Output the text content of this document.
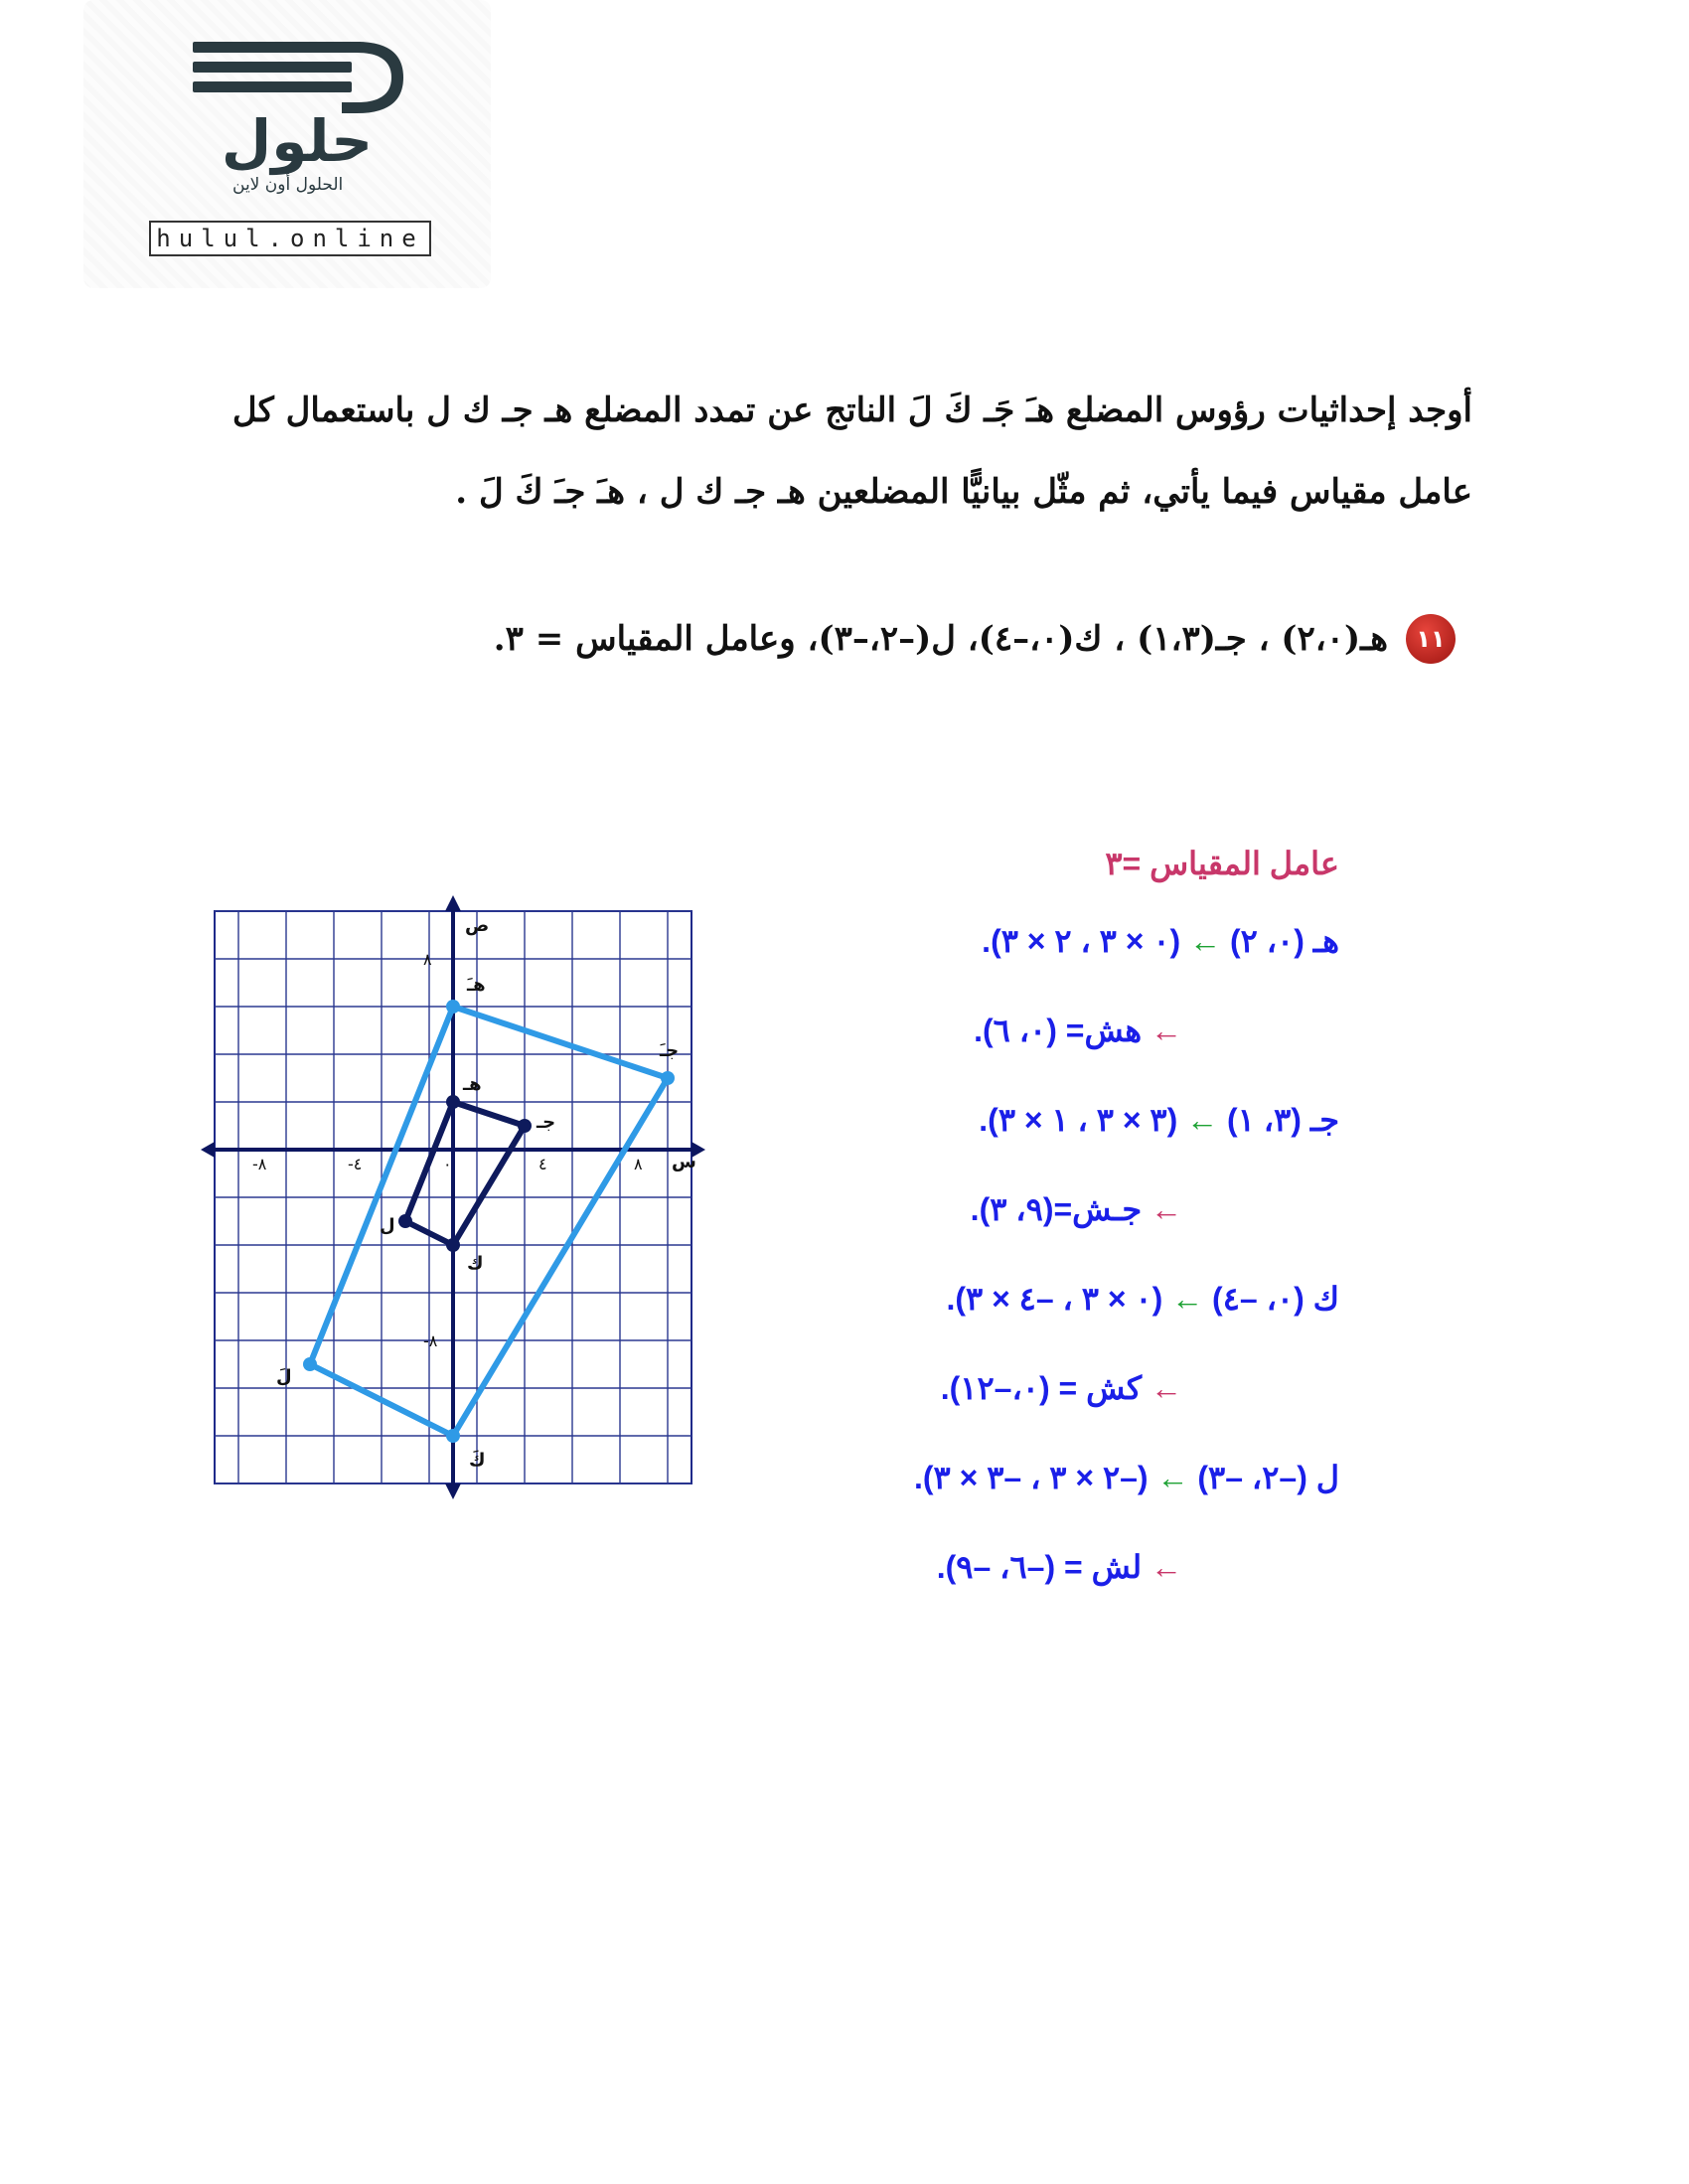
حلول
الحلول أون لاين
hulul.online
أوجد إحداثيات رؤوس المضلع هـَ جَـ كَ لَ الناتج عن تمدد المضلع هـ جـ ك ل باستعمال كل عامل مقياس فيما يأتي، ثم مثّل بيانيًّا المضلعين هـ جـ ك ل ، هـَ جـَ كَ لَ .
١١
هـ(٢،٠) ، جـ(١،٣) ، ك(٠،–٤)، ل(–٢،–٣)، وعامل المقياس = ٣.
عامل المقياس =٣
هـ (٠، ٢) ← (٠ × ٣ ، ٢ × ٣).
← هش= (٠، ٦).
جـ (٣، ١) ← (٣ × ٣ ، ١ × ٣).
← جـش=(٩، ٣).
ك (٠، –٤) ← (٠ × ٣ ، –٤ × ٣).
← كش = (٠،–١٢).
ل (–٢، –٣) ← (–٢ × ٣ ، –٣ × ٣).
← لش = (–٦، –٩).
س
ص
-٨	-٤	٠	٤	٨
٨
-٨
هـَ
جـَ
كَ
لَ
هـ
جـ
ك
ل
